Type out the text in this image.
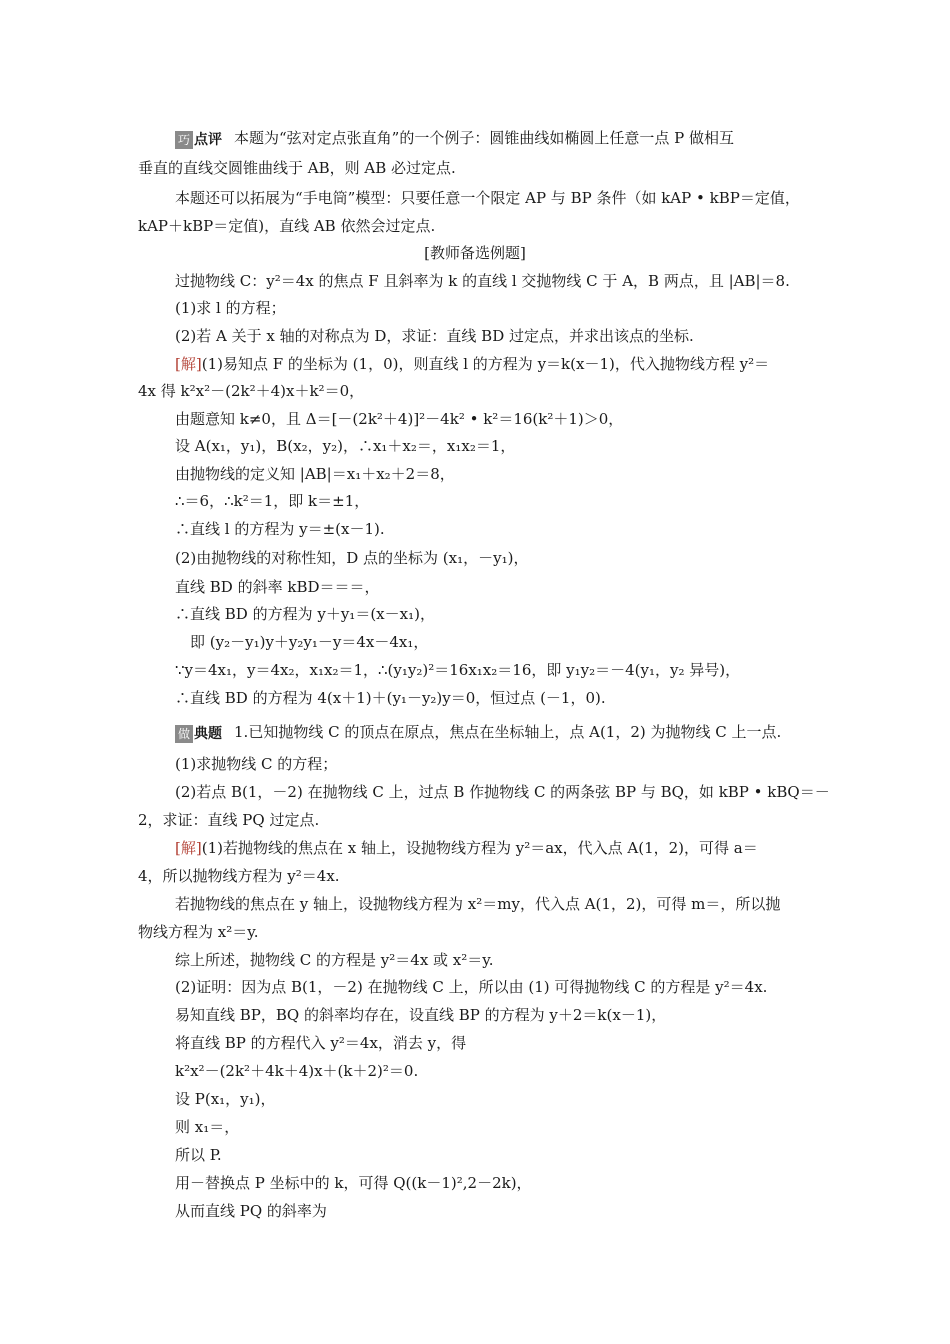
巧 点评 本题为“弦对定点张直角”的一个例子：圆锥曲线如椭圆上任意一点 P 做相互
垂直的直线交圆锥曲线于 AB，则 AB 必过定点.
本题还可以拓展为“手电筒”模型：只要任意一个限定 AP 与 BP 条件（如 kAP • kBP＝定值，
kAP＋kBP＝定值)，直线 AB 依然会过定点.
[教师备选例题]
过抛物线 C：y²＝4x 的焦点 F 且斜率为 k 的直线 l 交抛物线 C 于 A，B 两点，且 |AB|＝8.
(1)求 l 的方程；
(2)若 A 关于 x 轴的对称点为 D，求证：直线 BD 过定点，并求出该点的坐标.
[解](1)易知点 F 的坐标为 (1，0)，则直线 l 的方程为 y＝k(x－1)，代入抛物线方程 y²＝
4x 得 k²x²－(2k²＋4)x＋k²＝0，
由题意知 k≠0，且 Δ＝[－(2k²＋4)]²－4k² • k²＝16(k²＋1)＞0，
设 A(x₁，y₁)，B(x₂，y₂)，∴x₁＋x₂＝，x₁x₂＝1，
由抛物线的定义知 |AB|＝x₁＋x₂＋2＝8，
∴＝6，∴k²＝1，即 k＝±1，
∴直线 l 的方程为 y＝±(x－1).
(2)由抛物线的对称性知，D 点的坐标为 (x₁，－y₁)，
直线 BD 的斜率 kBD＝＝＝，
∴直线 BD 的方程为 y＋y₁＝(x－x₁)，
即 (y₂－y₁)y＋y₂y₁－y＝4x－4x₁，
∵y＝4x₁，y＝4x₂，x₁x₂＝1，∴(y₁y₂)²＝16x₁x₂＝16，即 y₁y₂＝－4(y₁，y₂ 异号)，
∴直线 BD 的方程为 4(x＋1)＋(y₁－y₂)y＝0，恒过点 (－1，0).
做 典题 1.已知抛物线 C 的顶点在原点，焦点在坐标轴上，点 A(1，2) 为抛物线 C 上一点.
(1)求抛物线 C 的方程；
(2)若点 B(1，－2) 在抛物线 C 上，过点 B 作抛物线 C 的两条弦 BP 与 BQ，如 kBP • kBQ＝－
2，求证：直线 PQ 过定点.
[解](1)若抛物线的焦点在 x 轴上，设抛物线方程为 y²＝ax，代入点 A(1，2)，可得 a＝
4，所以抛物线方程为 y²＝4x.
若抛物线的焦点在 y 轴上，设抛物线方程为 x²＝my，代入点 A(1，2)，可得 m＝，所以抛
物线方程为 x²＝y.
综上所述，抛物线 C 的方程是 y²＝4x 或 x²＝y.
(2)证明：因为点 B(1，－2) 在抛物线 C 上，所以由 (1) 可得抛物线 C 的方程是 y²＝4x.
易知直线 BP，BQ 的斜率均存在，设直线 BP 的方程为 y＋2＝k(x－1)，
将直线 BP 的方程代入 y²＝4x，消去 y，得
k²x²－(2k²＋4k＋4)x＋(k＋2)²＝0.
设 P(x₁，y₁)，
则 x₁＝，
所以 P.
用－替换点 P 坐标中的 k，可得 Q((k－1)²,2－2k)，
从而直线 PQ 的斜率为
